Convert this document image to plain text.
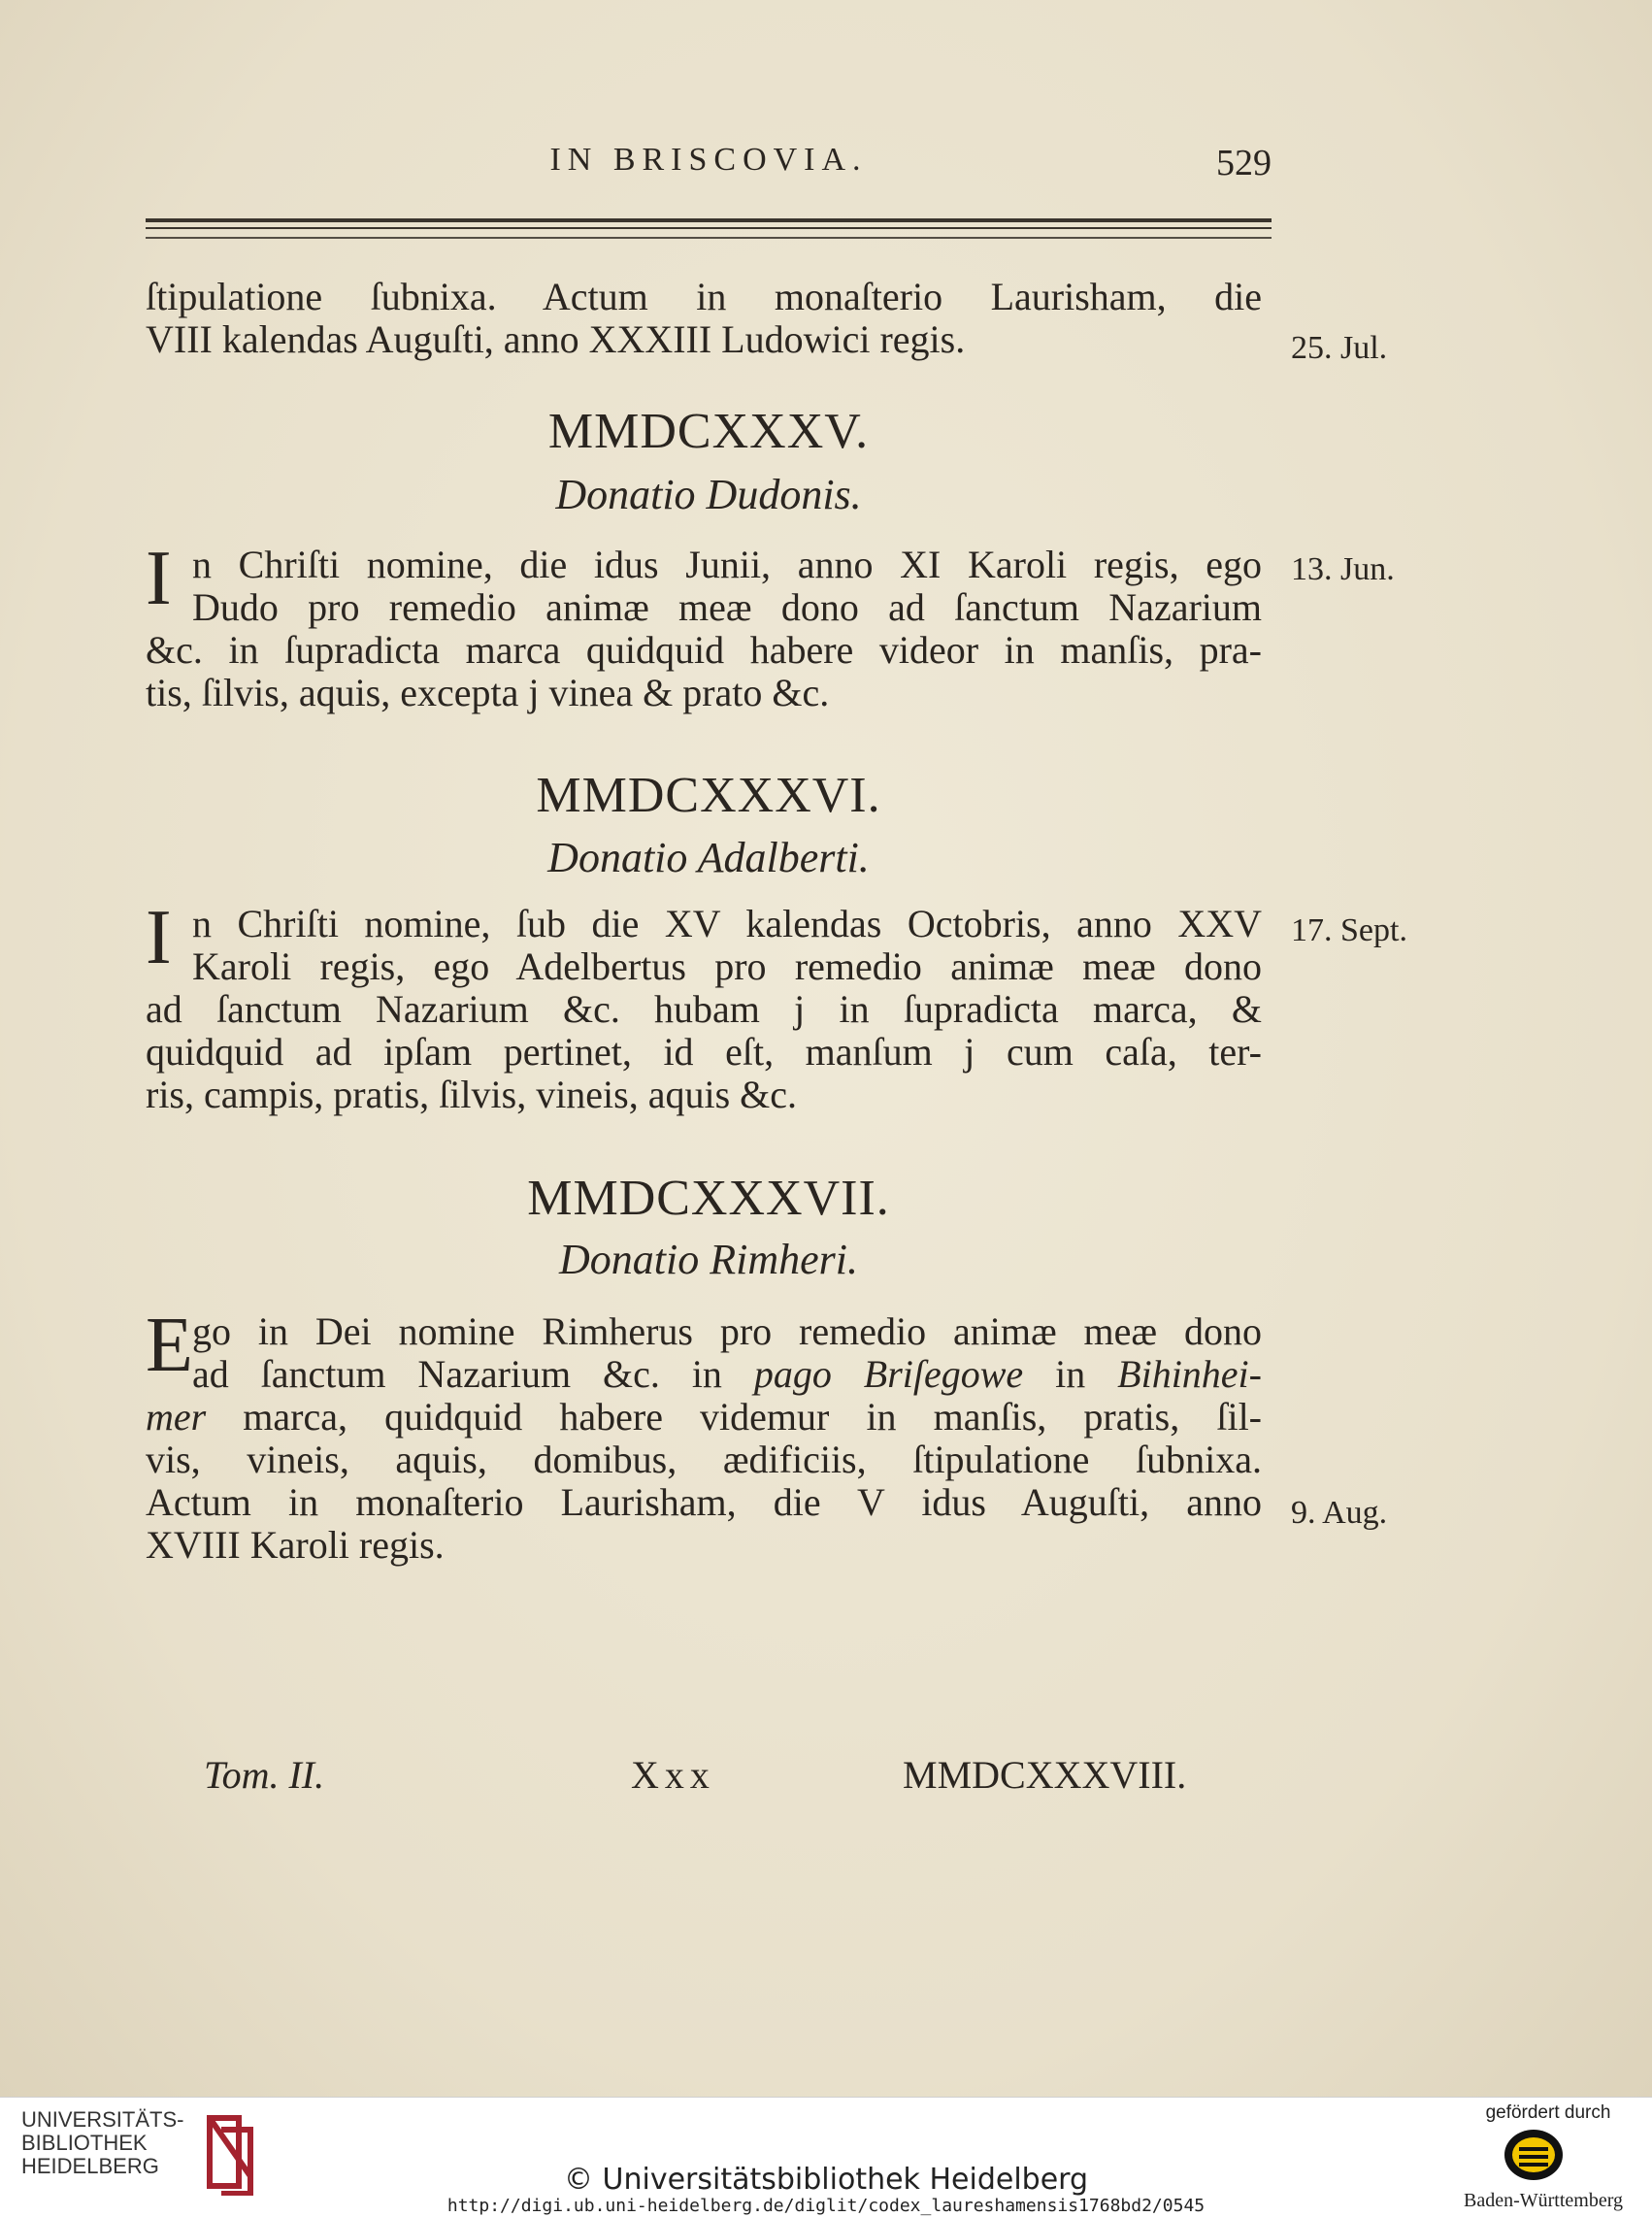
IN BRISCOVIA.	529
ſtipulatione ſubnixa. Actum in monaſterio Laurisham, die
VIII kalendas Auguſti, anno XXXIII Ludowici regis.	25. Jul.
MMDCXXXV.
Donatio Dudonis.
I n Chriſti nomine, die idus Junii, anno XI Karoli regis, ego
Dudo pro remedio animæ meæ dono ad ſanctum Nazarium
&c. in ſupradicta marca quidquid habere videor in manſis, pra-
tis, ſilvis, aquis, excepta j vinea & prato &c.
13. Jun.
MMDCXXXVI.
Donatio Adalberti.
I n Chriſti nomine, ſub die XV kalendas Octobris, anno XXV
Karoli regis, ego Adelbertus pro remedio animæ meæ dono
ad ſanctum Nazarium &c. hubam j in ſupradicta marca, &
quidquid ad ipſam pertinet, id eſt, manſum j cum caſa, ter-
ris, campis, pratis, ſilvis, vineis, aquis &c.
17. Sept.
MMDCXXXVII.
Donatio Rimheri.
E go in Dei nomine Rimherus pro remedio animæ meæ dono
ad ſanctum Nazarium &c. in pago Briſegowe in Bihinhei-
mer marca, quidquid habere videmur in manſis, pratis, ſil-
vis, vineis, aquis, domibus, ædificiis, ſtipulatione ſubnixa.
Actum in monaſterio Laurisham, die V idus Auguſti, anno
XVIII Karoli regis.
9. Aug.
Tom. II.	Xxx	MMDCXXXVIII.
UNIVERSITÄTS-
BIBLIOTHEK
HEIDELBERG	© Universitätsbibliothek Heidelberg
http://digi.ub.uni-heidelberg.de/diglit/codex_laureshamensis1768bd2/0545
gefördert durch
Baden-Württemberg
